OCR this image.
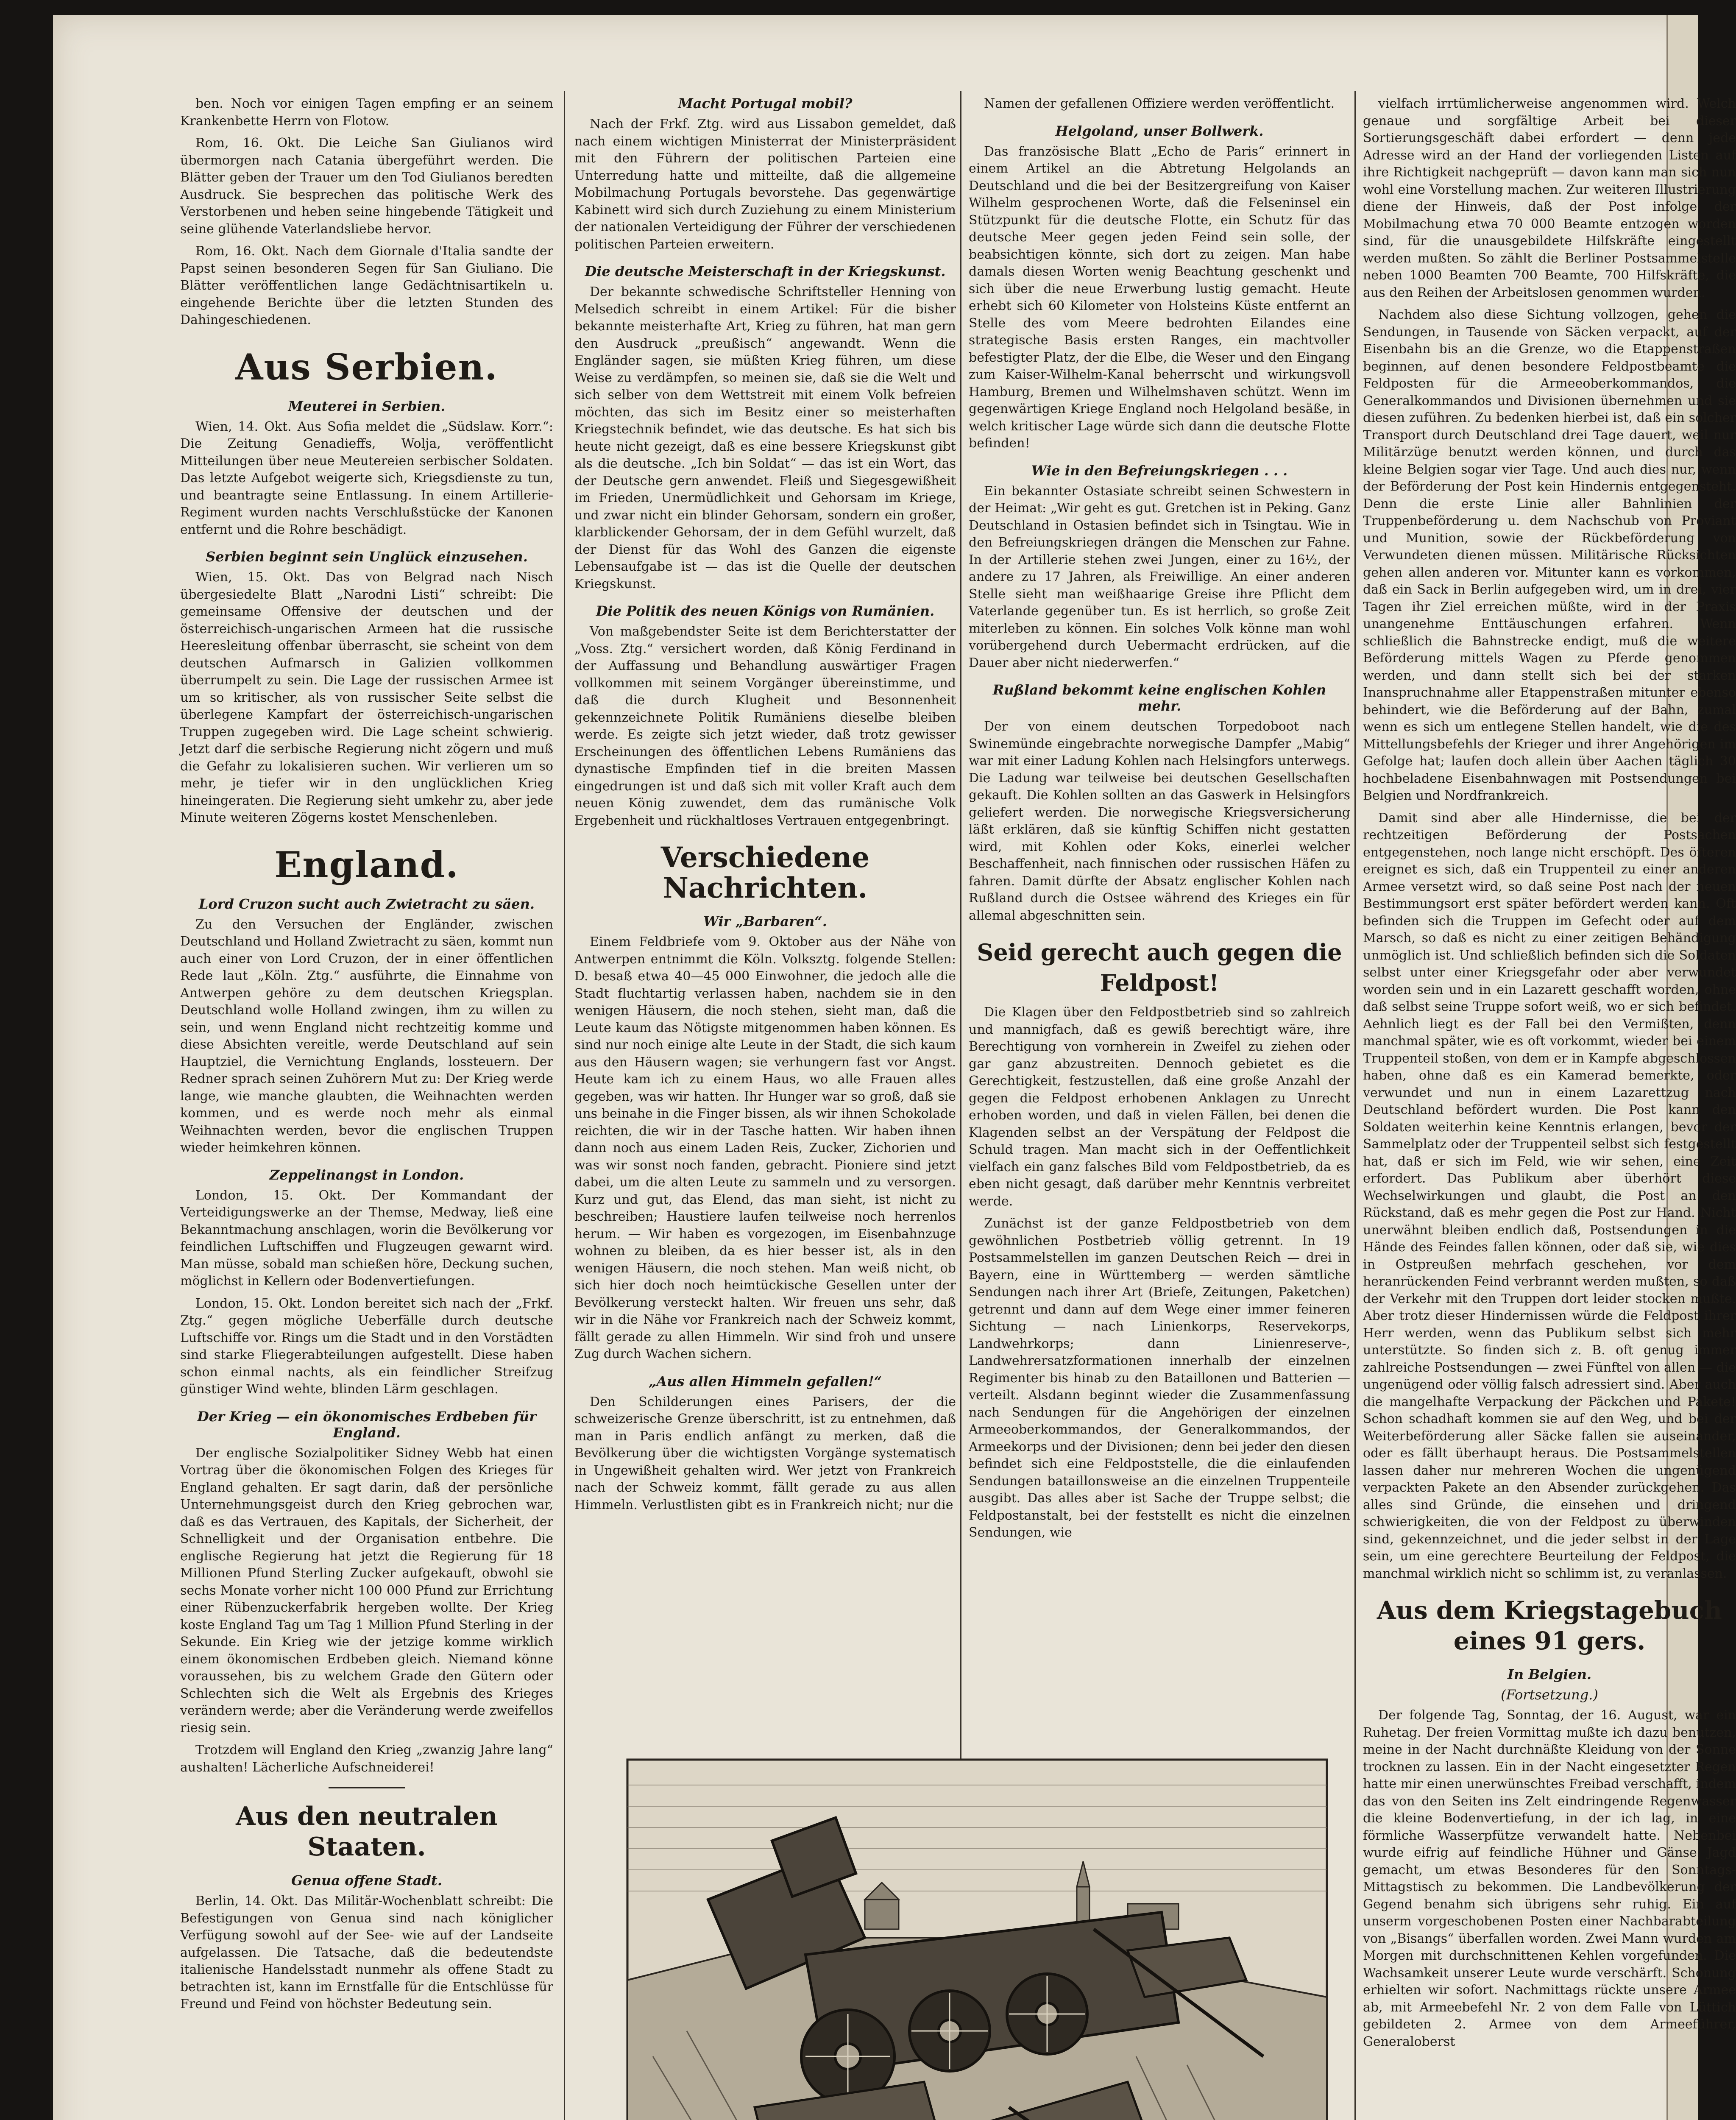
ben. Noch vor einigen Tagen empfing er an seinem Krankenbette Herrn von Flotow.

Rom, 16. Okt. Die Leiche San Giulianos wird übermorgen nach Catania übergeführt werden. Die Blätter geben der Trauer um den Tod Giulianos beredten Ausdruck. Sie besprechen das politische Werk des Verstorbenen und heben seine hingebende Tätigkeit und seine glühende Vaterlandsliebe hervor.

Rom, 16. Okt. Nach dem Giornale d'Italia sandte der Papst seinen besonderen Segen für San Giuliano. Die Blätter veröffentlichen lange Gedächtnisartikeln u. eingehende Berichte über die letzten Stunden des Dahingeschiedenen.

Aus Serbien.
Meuterei in Serbien.

Wien, 14. Okt. Aus Sofia meldet die „Südslaw. Korr.“: Die Zeitung Genadieffs, Wolja, veröffentlicht Mitteilungen über neue Meutereien serbischer Soldaten. Das letzte Aufgebot weigerte sich, Kriegsdienste zu tun, und beantragte seine Entlassung. In einem Artillerie-Regiment wurden nachts Verschlußstücke der Kanonen entfernt und die Rohre beschädigt.

Serbien beginnt sein Unglück einzusehen.

Wien, 15. Okt. Das von Belgrad nach Nisch übergesiedelte Blatt „Narodni Listi“ schreibt: Die gemeinsame Offensive der deutschen und der österreichisch-ungarischen Armeen hat die russische Heeresleitung offenbar überrascht, sie scheint von dem deutschen Aufmarsch in Galizien vollkommen überrumpelt zu sein. Die Lage der russischen Armee ist um so kritischer, als von russischer Seite selbst die überlegene Kampfart der österreichisch-ungarischen Truppen zugegeben wird. Die Lage scheint schwierig. Jetzt darf die serbische Regierung nicht zögern und muß die Gefahr zu lokalisieren suchen. Wir verlieren um so mehr, je tiefer wir in den unglücklichen Krieg hineingeraten. Die Regierung sieht umkehr zu, aber jede Minute weiteren Zögerns kostet Menschenleben.

England.
Lord Cruzon sucht auch Zwietracht zu säen.

Zu den Versuchen der Engländer, zwischen Deutschland und Holland Zwietracht zu säen, kommt nun auch einer von Lord Cruzon, der in einer öffentlichen Rede laut „Köln. Ztg.“ ausführte, die Einnahme von Antwerpen gehöre zu dem deutschen Kriegsplan. Deutschland wolle Holland zwingen, ihm zu willen zu sein, und wenn England nicht rechtzeitig komme und diese Absichten vereitle, werde Deutschland auf sein Hauptziel, die Vernichtung Englands, lossteuern. Der Redner sprach seinen Zuhörern Mut zu: Der Krieg werde lange, wie manche glaubten, die Weihnachten werden kommen, und es werde noch mehr als einmal Weihnachten werden, bevor die englischen Truppen wieder heimkehren können.

Zeppelinangst in London.

London, 15. Okt. Der Kommandant der Verteidigungswerke an der Themse, Medway, ließ eine Bekanntmachung anschlagen, worin die Bevölkerung vor feindlichen Luftschiffen und Flugzeugen gewarnt wird. Man müsse, sobald man schießen höre, Deckung suchen, möglichst in Kellern oder Bodenvertiefungen.

London, 15. Okt. London bereitet sich nach der „Frkf. Ztg.“ gegen mögliche Ueberfälle durch deutsche Luftschiffe vor. Rings um die Stadt und in den Vorstädten sind starke Fliegerabteilungen aufgestellt. Diese haben schon einmal nachts, als ein feindlicher Streifzug günstiger Wind wehte, blinden Lärm geschlagen.

Der Krieg — ein ökonomisches Erdbeben für England.

Der englische Sozialpolitiker Sidney Webb hat einen Vortrag über die ökonomischen Folgen des Krieges für England gehalten. Er sagt darin, daß der persönliche Unternehmungsgeist durch den Krieg gebrochen war, daß es das Vertrauen, des Kapitals, der Sicherheit, der Schnelligkeit und der Organisation entbehre. Die englische Regierung hat jetzt die Regierung für 18 Millionen Pfund Sterling Zucker aufgekauft, obwohl sie sechs Monate vorher nicht 100 000 Pfund zur Errichtung einer Rübenzuckerfabrik hergeben wollte. Der Krieg koste England Tag um Tag 1 Million Pfund Sterling in der Sekunde. Ein Krieg wie der jetzige komme wirklich einem ökonomischen Erdbeben gleich. Niemand könne voraussehen, bis zu welchem Grade den Gütern oder Schlechten sich die Welt als Ergebnis des Krieges verändern werde; aber die Veränderung werde zweifellos riesig sein.

Trotzdem will England den Krieg „zwanzig Jahre lang“ aushalten! Lächerliche Aufschneiderei!

Aus den neutralen Staaten.
Genua offene Stadt.

Berlin, 14. Okt. Das Militär-Wochenblatt schreibt: Die Befestigungen von Genua sind nach königlicher Verfügung sowohl auf der See- wie auf der Landseite aufgelassen. Die Tatsache, daß die bedeutendste italienische Handelsstadt nunmehr als offene Stadt zu betrachten ist, kann im Ernstfalle für die Entschlüsse für Freund und Feind von höchster Bedeutung sein.

Macht Portugal mobil?

Nach der Frkf. Ztg. wird aus Lissabon gemeldet, daß nach einem wichtigen Ministerrat der Ministerpräsident mit den Führern der politischen Parteien eine Unterredung hatte und mitteilte, daß die allgemeine Mobilmachung Portugals bevorstehe. Das gegenwärtige Kabinett wird sich durch Zuziehung zu einem Ministerium der nationalen Verteidigung der Führer der verschiedenen politischen Parteien erweitern.

Die deutsche Meisterschaft in der Kriegskunst.

Der bekannte schwedische Schriftsteller Henning von Melsedich schreibt in einem Artikel: Für die bisher bekannte meisterhafte Art, Krieg zu führen, hat man gern den Ausdruck „preußisch“ angewandt. Wenn die Engländer sagen, sie müßten Krieg führen, um diese Weise zu verdämpfen, so meinen sie, daß sie die Welt und sich selber von dem Wettstreit mit einem Volk befreien möchten, das sich im Besitz einer so meisterhaften Kriegstechnik befindet, wie das deutsche. Es hat sich bis heute nicht gezeigt, daß es eine bessere Kriegskunst gibt als die deutsche. „Ich bin Soldat“ — das ist ein Wort, das der Deutsche gern anwendet. Fleiß und Siegesgewißheit im Frieden, Unermüdlichkeit und Gehorsam im Kriege, und zwar nicht ein blinder Gehorsam, sondern ein großer, klarblickender Gehorsam, der in dem Gefühl wurzelt, daß der Dienst für das Wohl des Ganzen die eigenste Lebensaufgabe ist — das ist die Quelle der deutschen Kriegskunst.

Die Politik des neuen Königs von Rumänien.

Von maßgebendster Seite ist dem Berichterstatter der „Voss. Ztg.“ versichert worden, daß König Ferdinand in der Auffassung und Behandlung auswärtiger Fragen vollkommen mit seinem Vorgänger übereinstimme, und daß die durch Klugheit und Besonnenheit gekennzeichnete Politik Rumäniens dieselbe bleiben werde. Es zeigte sich jetzt wieder, daß trotz gewisser Erscheinungen des öffentlichen Lebens Rumäniens das dynastische Empfinden tief in die breiten Massen eingedrungen ist und daß sich mit voller Kraft auch dem neuen König zuwendet, dem das rumänische Volk Ergebenheit und rückhaltloses Vertrauen entgegenbringt.

Verschiedene Nachrichten.
Wir „Barbaren“.

Einem Feldbriefe vom 9. Oktober aus der Nähe von Antwerpen entnimmt die Köln. Volksztg. folgende Stellen: D. besaß etwa 40—45 000 Einwohner, die jedoch alle die Stadt fluchtartig verlassen haben, nachdem sie in den wenigen Häusern, die noch stehen, sieht man, daß die Leute kaum das Nötigste mitgenommen haben können. Es sind nur noch einige alte Leute in der Stadt, die sich kaum aus den Häusern wagen; sie verhungern fast vor Angst. Heute kam ich zu einem Haus, wo alle Frauen alles gegeben, was wir hatten. Ihr Hunger war so groß, daß sie uns beinahe in die Finger bissen, als wir ihnen Schokolade reichten, die wir in der Tasche hatten. Wir haben ihnen dann noch aus einem Laden Reis, Zucker, Zichorien und was wir sonst noch fanden, gebracht. Pioniere sind jetzt dabei, um die alten Leute zu sammeln und zu versorgen. Kurz und gut, das Elend, das man sieht, ist nicht zu beschreiben; Haustiere laufen teilweise noch herrenlos herum. — Wir haben es vorgezogen, im Eisenbahnzuge wohnen zu bleiben, da es hier besser ist, als in den wenigen Häusern, die noch stehen. Man weiß nicht, ob sich hier doch noch heimtückische Gesellen unter der Bevölkerung versteckt halten. Wir freuen uns sehr, daß wir in die Nähe vor Frankreich nach der Schweiz kommt, fällt gerade zu allen Himmeln. Wir sind froh und unsere Zug durch Wachen sichern.

„Aus allen Himmeln gefallen!“

Den Schilderungen eines Parisers, der die schweizerische Grenze überschritt, ist zu entnehmen, daß man in Paris endlich anfängt zu merken, daß die Bevölkerung über die wichtigsten Vorgänge systematisch in Ungewißheit gehalten wird. Wer jetzt von Frankreich nach der Schweiz kommt, fällt gerade zu aus allen Himmeln. Verlustlisten gibt es in Frankreich nicht; nur die

Namen der gefallenen Offiziere werden veröffentlicht.

Helgoland, unser Bollwerk.

Das französische Blatt „Echo de Paris“ erinnert in einem Artikel an die Abtretung Helgolands an Deutschland und die bei der Besitzergreifung von Kaiser Wilhelm gesprochenen Worte, daß die Felseninsel ein Stützpunkt für die deutsche Flotte, ein Schutz für das deutsche Meer gegen jeden Feind sein solle, der beabsichtigen könnte, sich dort zu zeigen. Man habe damals diesen Worten wenig Beachtung geschenkt und sich über die neue Erwerbung lustig gemacht. Heute erhebt sich 60 Kilometer von Holsteins Küste entfernt an Stelle des vom Meere bedrohten Eilandes eine strategische Basis ersten Ranges, ein machtvoller befestigter Platz, der die Elbe, die Weser und den Eingang zum Kaiser-Wilhelm-Kanal beherrscht und wirkungsvoll Hamburg, Bremen und Wilhelmshaven schützt. Wenn im gegenwärtigen Kriege England noch Helgoland besäße, in welch kritischer Lage würde sich dann die deutsche Flotte befinden!

Wie in den Befreiungskriegen . . .

Ein bekannter Ostasiate schreibt seinen Schwestern in der Heimat: „Wir geht es gut. Gretchen ist in Peking. Ganz Deutschland in Ostasien befindet sich in Tsingtau. Wie in den Befreiungskriegen drängen die Menschen zur Fahne. In der Artillerie stehen zwei Jungen, einer zu 16½, der andere zu 17 Jahren, als Freiwillige. An einer anderen Stelle sieht man weißhaarige Greise ihre Pflicht dem Vaterlande gegenüber tun. Es ist herrlich, so große Zeit miterleben zu können. Ein solches Volk könne man wohl vorübergehend durch Uebermacht erdrücken, auf die Dauer aber nicht niederwerfen.“

Rußland bekommt keine englischen Kohlen mehr.

Der von einem deutschen Torpedoboot nach Swinemünde eingebrachte norwegische Dampfer „Mabig“ war mit einer Ladung Kohlen nach Helsingfors unterwegs. Die Ladung war teilweise bei deutschen Gesellschaften gekauft. Die Kohlen sollten an das Gaswerk in Helsingfors geliefert werden. Die norwegische Kriegsversicherung läßt erklären, daß sie künftig Schiffen nicht gestatten wird, mit Kohlen oder Koks, einerlei welcher Beschaffenheit, nach finnischen oder russischen Häfen zu fahren. Damit dürfte der Absatz englischer Kohlen nach Rußland durch die Ostsee während des Krieges ein für allemal abgeschnitten sein.

Seid gerecht auch gegen die Feldpost!

Die Klagen über den Feldpostbetrieb sind so zahlreich und mannigfach, daß es gewiß berechtigt wäre, ihre Berechtigung von vornherein in Zweifel zu ziehen oder gar ganz abzustreiten. Dennoch gebietet es die Gerechtigkeit, festzustellen, daß eine große Anzahl der gegen die Feldpost erhobenen Anklagen zu Unrecht erhoben worden, und daß in vielen Fällen, bei denen die Klagenden selbst an der Verspätung der Feldpost die Schuld tragen. Man macht sich in der Oeffentlichkeit vielfach ein ganz falsches Bild vom Feldpostbetrieb, da es eben nicht gesagt, daß darüber mehr Kenntnis verbreitet werde.

Zunächst ist der ganze Feldpostbetrieb von dem gewöhnlichen Postbetrieb völlig getrennt. In 19 Postsammelstellen im ganzen Deutschen Reich — drei in Bayern, eine in Württemberg — werden sämtliche Sendungen nach ihrer Art (Briefe, Zeitungen, Paketchen) getrennt und dann auf dem Wege einer immer feineren Sichtung — nach Linienkorps, Reservekorps, Landwehrkorps; dann Linienreserve-, Landwehrersatzformationen innerhalb der einzelnen Regimenter bis hinab zu den Bataillonen und Batterien — verteilt. Alsdann beginnt wieder die Zusammenfassung nach Sendungen für die Angehörigen der einzelnen Armeeoberkommandos, der Generalkommandos, der Armeekorps und der Divisionen; denn bei jeder den diesen befindet sich eine Feldpoststelle, die die einlaufenden Sendungen bataillonsweise an die einzelnen Truppenteile ausgibt. Das alles aber ist Sache der Truppe selbst; die Feldpostanstalt, bei der feststellt es nicht die einzelnen Sendungen, wie

vielfach irrtümlicherweise angenommen wird. Welch genaue und sorgfältige Arbeit bei dieser Sortierungsgeschäft dabei erfordert — denn jede Adresse wird an der Hand der vorliegenden Listen auf ihre Richtigkeit nachgeprüft — davon kann man sich nun wohl eine Vorstellung machen. Zur weiteren Illustrierung diene der Hinweis, daß der Post infolge der Mobilmachung etwa 70 000 Beamte entzogen worden sind, für die unausgebildete Hilfskräfte eingestellt werden mußten. So zählt die Berliner Postsammelstelle neben 1000 Beamten 700 Beamte, 700 Hilfskräfte, die aus den Reihen der Arbeitslosen genommen wurden.

Nachdem also diese Sichtung vollzogen, gehen die Sendungen, in Tausende von Säcken verpackt, auf der Eisenbahn bis an die Grenze, wo die Etappenstraßen beginnen, auf denen besondere Feldpostbeamte die Feldposten für die Armeeoberkommandos, die Generalkommandos und Divisionen übernehmen und sie diesen zuführen. Zu bedenken hierbei ist, daß ein solcher Transport durch Deutschland drei Tage dauert, weil nur Militärzüge benutzt werden können, und durch das kleine Belgien sogar vier Tage. Und auch dies nur, wenn der Beförderung der Post kein Hindernis entgegensteht. Denn die erste Linie aller Bahnlinien der Truppenbeförderung u. dem Nachschub von Proviant und Munition, sowie der Rückbeförderung von Verwundeten dienen müssen. Militärische Rücksichten gehen allen anderen vor. Mitunter kann es vorkommen, daß ein Sack in Berlin aufgegeben wird, um in drei, vier Tagen ihr Ziel erreichen müßte, wird in der Praxis unangenehme Enttäuschungen erfahren. Wenn schließlich die Bahnstrecke endigt, muß die weitere Beförderung mittels Wagen zu Pferde genommen werden, und dann stellt sich bei der starken Inanspruchnahme aller Etappenstraßen mitunter ebenso behindert, wie die Beförderung auf der Bahn, zumal wenn es sich um entlegene Stellen handelt, wie die des Mittellungsbefehls der Krieger und ihrer Angehörigen im Gefolge hat; laufen doch allein über Aachen täglich 30 hochbeladene Eisenbahnwagen mit Postsendungen bei Belgien und Nordfrankreich.

Damit sind aber alle Hindernisse, die bei der rechtzeitigen Beförderung der Postsachen entgegenstehen, noch lange nicht erschöpft. Des öfteren ereignet es sich, daß ein Truppenteil zu einer anderen Armee versetzt wird, so daß seine Post nach der neuen Bestimmungsort erst später befördert werden kann. Oft befinden sich die Truppen im Gefecht oder auf dem Marsch, so daß es nicht zu einer zeitigen Behändigung unmöglich ist. Und schließlich befinden sich die Soldaten selbst unter einer Kriegsgefahr oder aber verwundet worden sein und in ein Lazarett geschafft worden, ohne daß selbst seine Truppe sofort weiß, wo er sich befindet. Aehnlich liegt es der Fall bei den Vermißten, denn manchmal später, wie es oft vorkommt, wieder bei einem Truppenteil stoßen, von dem er in Kampfe abgeschlossen haben, ohne daß es ein Kamerad bemerkte, oder verwundet und nun in einem Lazarettzug nach Deutschland befördert wurden. Die Post kann den Soldaten weiterhin keine Kenntnis erlangen, bevor der Sammelplatz oder der Truppenteil selbst sich festgestellt hat, daß er sich im Feld, wie wir sehen, eine Zeit erfordert. Das Publikum aber überhört diese Wechselwirkungen und glaubt, die Post an den Rückstand, daß es mehr gegen die Post zur Hand. Nicht unerwähnt bleiben endlich daß, Postsendungen in die Hände des Feindes fallen können, oder daß sie, wie dies in Ostpreußen mehrfach geschehen, vor dem heranrückenden Feind verbrannt werden mußten, so daß der Verkehr mit den Truppen dort leider stocken mußte. Aber trotz dieser Hindernissen würde die Feldpost ihrer Herr werden, wenn das Publikum selbst sich mehr unterstützte. So finden sich z. B. oft genug immer zahlreiche Postsendungen — zwei Fünftel von allen — die ungenügend oder völlig falsch adressiert sind. Aber auch die mangelhafte Verpackung der Päckchen und Pakete! Schon schadhaft kommen sie auf den Weg, und bei der Weiterbeförderung aller Säcke fallen sie auseinander, oder es fällt überhaupt heraus. Die Postsammelstellen lassen daher nur mehreren Wochen die ungenügend verpackten Pakete an den Absender zurückgehen. Das alles sind Gründe, die einsehen und dringend schwierigkeiten, die von der Feldpost zu überwinden sind, gekennzeichnet, und die jeder selbst in der Lage sein, um eine gerechtere Beurteilung der Feldpost, die manchmal wirklich nicht so schlimm ist, zu veranlassen.

Aus dem Kriegstagebuch eines 91 gers.
In Belgien.
(Fortsetzung.)

Der folgende Tag, Sonntag, der 16. August, war ein Ruhetag. Der freien Vormittag mußte ich dazu benutzen, meine in der Nacht durchnäßte Kleidung von der Sonne trocknen zu lassen. Ein in der Nacht eingesetzter Regen hatte mir einen unerwünschtes Freibad verschafft, indem das von den Seiten ins Zelt eindringende Regenwasser die kleine Bodenvertiefung, in der ich lag, in eine förmliche Wasserpfütze verwandelt hatte. Nebenbei wurde eifrig auf feindliche Hühner und Gänse Jagd gemacht, um etwas Besonderes für den Sonntags-Mittagstisch zu bekommen. Die Landbevölkerung der Gegend benahm sich übrigens sehr ruhig. Ein auf unserm vorgeschobenen Posten einer Nachbarabteilung von „Bisangs“ überfallen worden. Zwei Mann wurden am Morgen mit durchschnittenen Kehlen vorgefunden. Die Wachsamkeit unserer Leute wurde verschärft. Schonung erhielten wir sofort. Nachmittags rückte unsere Armee ab, mit Armeebefehl Nr. 2 von dem Falle von Lüttich gebildeten 2. Armee von dem Armeeführer, Generaloberst
